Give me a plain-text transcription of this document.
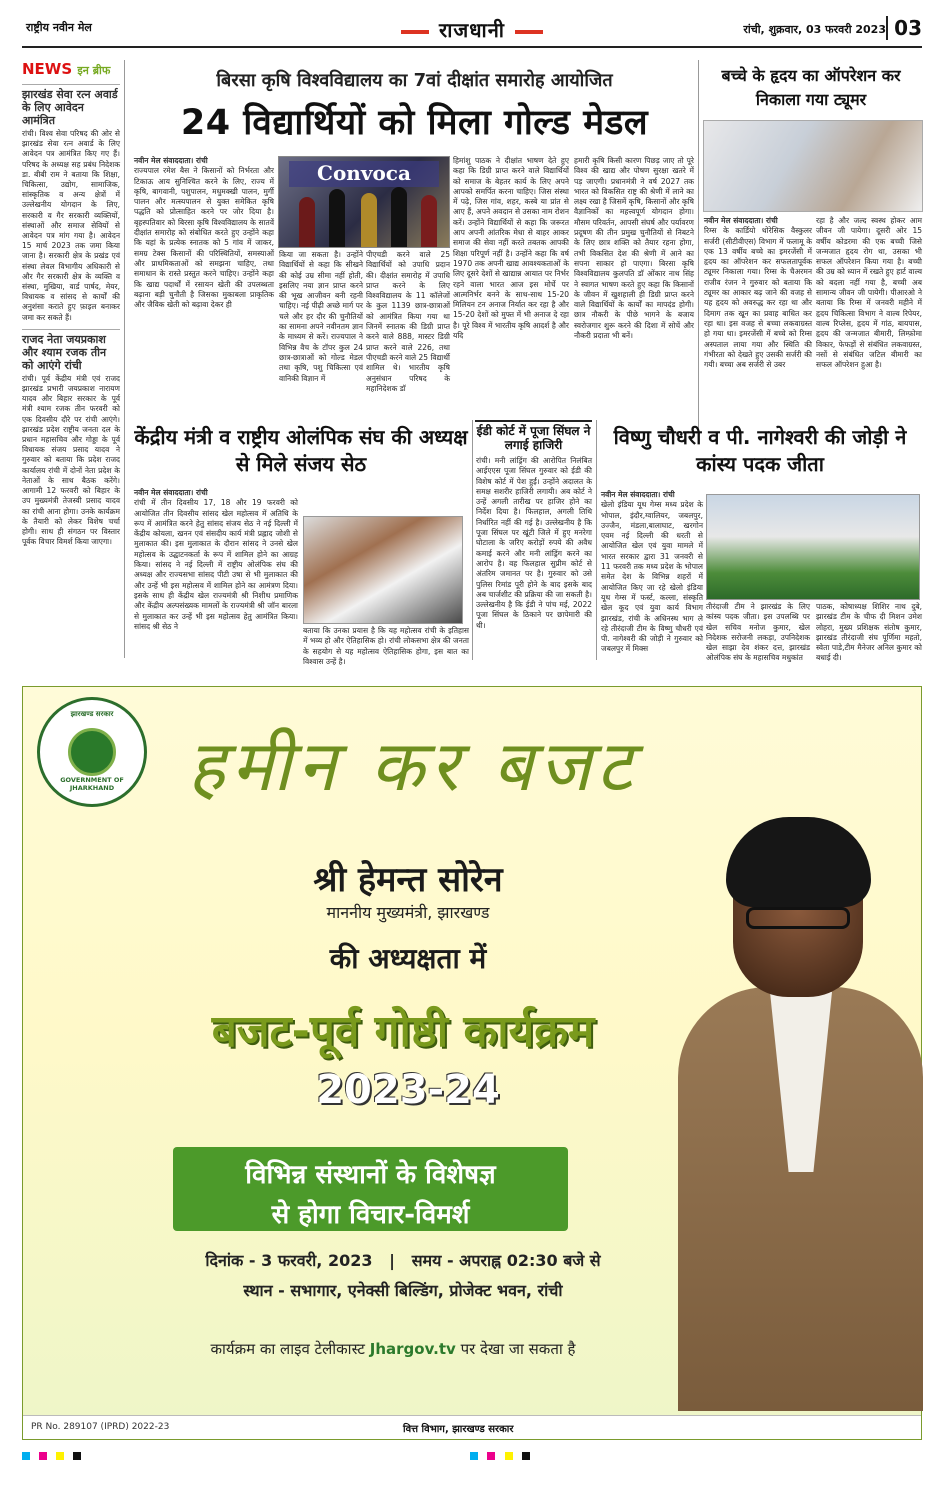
राष्ट्रीय नवीन मेल	राजधानी	रांची, शुक्रवार, 03 फरवरी 2023 03
NEWS इन ब्रीफ
झारखंड सेवा रत्न अवार्ड के लिए आवेदन आमंत्रित
रांची। विश्व सेवा परिषद की ओर से झारखंड सेवा रत्न अवार्ड के लिए आवेदन पत्र आमंत्रित किए गए हैं। परिषद के अध्यक्ष सह प्रबंध निदेशक डा. बीबी राम ने बताया कि शिक्षा, चिकित्सा, उद्योग, सामाजिक, सांस्कृतिक व अन्य क्षेत्रों में उल्लेखनीय योगदान के लिए, सरकारी व गैर सरकारी व्यक्तियों, संस्थाओं और समाज सेवियों से आवेदन पत्र मांग गया है। आवेदन 15 मार्च 2023 तक जमा किया जाना है। सरकारी क्षेत्र के प्रखंड एवं संस्था लेवल विभागीय अधिकारी से और गैर सरकारी क्षेत्र के व्यक्ति व संस्था, मुखिया, वार्ड पार्षद, मेयर, विधायक व सांसद से कार्यों की अनुशंसा कराते हुए फ़ाइल बनाकर जमा कर सकते हैं।
राजद नेता जयप्रकाश और श्याम रजक तीन को आएंगे रांची
रांची। पूर्व केंद्रीय मंत्री एवं राजद झारखंड प्रभारी जयप्रकाश नारायण यादव और बिहार सरकार के पूर्व मंत्री श्याम रजक तीन फरवरी को एक दिवसीय दौरे पर रांची आएंगे। झारखंड प्रदेश राष्ट्रीय जनता दल के प्रधान महासचिव और गोड्डा के पूर्व विधायक संजय प्रसाद यादव ने गुरुवार को बताया कि प्रदेश राजद कार्यालय रांची में दोनों नेता प्रदेश के नेताओं के साथ बैठक करेंगे। आगामी 12 फरवरी को बिहार के उप मुख्यमंत्री तेजस्वी प्रसाद यादव का रांची आना होगा। उनके कार्यक्रम के तैयारी को लेकर विशेष चर्चा होगी। साथ ही संगठन पर विस्तार पूर्वक विचार विमर्श किया जाएगा।
बिरसा कृषि विश्वविद्यालय का 7वां दीक्षांत समारोह आयोजित
24 विद्यार्थियों को मिला गोल्ड मेडल
नवीन मेल संवाददाता। रांची
राज्यपाल रमेश बैस ने किसानों को निर्भरता और टिकाऊ आय सुनिश्चित करने के लिए, राज्य में कृषि, बागवानी, पशुपालन, मधुमक्खी पालन, मुर्गी पालन और मत्स्यपालन से युक्त समेकित कृषि पद्धति को प्रोत्साहित करने पर जोर दिया है। बृहस्पतिवार को बिरसा कृषि विश्वविद्यालय के सातवें दीक्षांत समारोह को संबोधित करते हुए उन्होंने कहा कि यहां के प्रत्येक स्नातक को 5 गांव में जाकर, समग्र टेक्स किसानों की परिस्थितियों, समस्याओं और प्राथमिकताओं को समझना चाहिए, तथा समाधान के रास्ते प्रस्तुत करने चाहिए। उन्होंने कहा कि खाद्य पदार्थों में रसायन खेती की उपलब्धता बढ़ाना बड़ी चुनौती है जिसका मुकाबला प्राकृतिक और जैविक खेती को बढ़ावा देकर ही
Convoca
किया जा सकता है। उन्होंने विद्यार्थियों से कहा कि सीखने की कोई उम्र सीमा नहीं होती, इसलिए नया ज्ञान प्राप्त करने की भूख आजीवन बनी रहनी चाहिए। नई पीढ़ी अच्छे मार्ग पर चले और हर दौर की चुनौतियों का सामना अपने नवीनतम ज्ञान के माध्यम से करें। राज्यपाल ने विभिन्न वैच के टॉपर कुल 24 छात्र-छात्राओं को गोल्ड मेडल तथा कृषि, पशु चिकित्सा एवं वानिकी विज्ञान में
पीएचडी करने वाले 25 विद्यार्थियों को उपाधि प्रदान की। दीक्षांत समारोह में उपाधि प्राप्त करने के लिए विश्वविद्यालय के 11 कॉलेजों के कुल 1139 छात्र-छात्राओं को आमंत्रित किया गया था जिनमें स्नातक की डिग्री प्राप्त करने वाले 888, मास्टर डिग्री प्राप्त करने वाले 226, तथा पीएचडी करने वाले 25 विद्यार्थी शामिल थे। भारतीय कृषि अनुसंधान परिषद के महानिदेशक डॉ
हिमांशु पाठक ने दीक्षांत भाषण देते हुए कहा कि डिग्री प्राप्त करने वाले विद्यार्थियों को समाज के बेहतर कार्य के लिए अपने आपको समर्पित करना चाहिए। जिस संस्था में पढ़े, जिस गांव, शहर, कस्बे या प्रांत से आए हैं, अपने अवदान से उसका नाम रोशन करें। उन्होंने विद्यार्थियों से कहा कि जरूरत आप अपनी आंतरिक मेधा से बाहर आकर समाज की सेवा नहीं करते तबतक आपकी शिक्षा परिपूर्ण नहीं है। उन्होंने कहा कि वर्ष 1970 तक अपनी खाद्य आवश्यकताओं के लिए दूसरे देशों से खाद्यान्न आयात पर निर्भर रहने वाला भारत आज इस मोर्चे पर आत्मनिर्भर बनने के साथ-साथ 15-20 मिलियन टन अनाज निर्यात कर रहा है और 15-20 देशों को मुफ्त में भी अनाज दे रहा है। पूरे विश्व में भारतीय कृषि आदर्श है और यदि
हमारी कृषि किसी कारण पिछड़ जाए तो पूरे विश्व की खाद्य और पोषण सुरक्षा खतरे में पड़ जाएगी। प्रधानमंत्री ने वर्ष 2027 तक भारत को विकसित राष्ट्र की श्रेणी में लाने का लक्ष्य रखा है जिसमें कृषि, किसानों और कृषि वैज्ञानिकों का महत्त्वपूर्ण योगदान होगा। मौसम परिवर्तन, आपसी संघर्ष और पर्यावरण प्रदूषण की तीन प्रमुख चुनौतियों से निबटने के लिए छात्र शक्ति को तैयार रहना होगा, तभी विकसित देश की श्रेणी में आने का सपना साकार हो पाएगा। बिरसा कृषि विश्वविद्यालय कुलपति डॉ ओंकार नाथ सिंह ने स्वागत भाषण करते हुए कहा कि किसानों के जीवन में खुशहाली ही डिग्री प्राप्त करने वाले विद्यार्थियों के कार्यों का मापदंड होगी। छात्र नौकरी के पीछे भागने के बजाय स्वरोजगार शुरू करने की दिशा में सोचें और नौकरी प्रदाता भी बनें।
बच्चे के हृदय का ऑपरेशन कर निकाला गया ट्यूमर
नवीन मेल संवाददाता। रांची
रिम्स के कार्डियो थोरेसिक वैस्कुलर सर्जरी (सीटीवीएस) विभाग में फलामू के एक 13 वर्षीय बच्चे का इमरजेंसी में हृदय का ऑपरेशन कर सफलतापूर्वक ट्यूमर निकाला गया। रिम्स के चैअरमन राजीव रंजन ने गुरुवार को बताया कि ट्यूमर का आकार बढ़ जाने की वजह से यह हृदय को अवरुद्ध कर रहा था और दिमाग तक खून का प्रवाह बाधित कर रहा था। इस वजह से बच्चा लकवाग्रस्त हो गया था। इमरजेंसी में बच्चे को रिम्स अस्पताल लाया गया और स्थिति की गंभीरता को देखते हुए उसकी सर्जरी की गयी। बच्चा अब सर्जरी से उबर
रहा है और जल्द स्वस्थ होकर आम जीवन जी पायेगा। दूसरी ओर 15 वर्षीय कोडरमा की एक बच्ची जिसे जन्मजात हृदय रोग था, उसका भी सफल ऑपरेशन किया गया है। बच्ची की उम्र को ध्यान में रखते हुए हार्ट वाल्व को बदला नहीं गया है, बच्ची अब सामान्य जीवन जी पायेगी। पीआरओ ने बताया कि रिम्स में जनवरी महीने में हृदय चिकित्सा विभाग ने वाल्व रिपेयर, वाल्व रिप्लेस, हृदय में गांठ, बायपास, हृदय की जन्मजात बीमारी, लिम्फ़ोमा विकार, फेफड़ों से संबंधित लकवाग्रस्त, नसों से संबंधित जटिल बीमारी का सफल ऑपरेशन हुआ है।
केंद्रीय मंत्री व राष्ट्रीय ओलंपिक संघ की अध्यक्ष से मिले संजय सेठ
नवीन मेल संवाददाता। रांची
रांची में तीन दिवसीय 17, 18 और 19 फरवरी को आयोजित तीन दिवसीय सांसद खेल महोत्सव में अतिथि के रूप में आमंत्रित करने हेतु सांसद संजय सेठ ने नई दिल्ली में केंद्रीय कोयला, खनन एवं संसदीय कार्य मंत्री प्रह्लाद जोशी से मुलाकात की। इस मुलाकात के दौरान सांसद ने उनसे खेल महोत्सव के उद्घाटनकर्ता के रूप में शामिल होने का आग्रह किया। सांसद ने नई दिल्ली में राष्ट्रीय ओलंपिक संघ की अध्यक्ष और राज्यसभा सांसद पीटी उषा से भी मुलाकात की और उन्हें भी इस महोत्सव में शामिल होने का आमंत्रण दिया। इसके साथ ही केंद्रीय खेल राज्यमंत्री श्री निशीथ प्रमाणिक और केंद्रीय अल्पसंख्यक मामलों के राज्यमंत्री श्री जॉन बारला से मुलाकात कर उन्हें भी इस महोत्सव हेतु आमंत्रित किया। सांसद श्री सेठ ने	बताया कि उनका प्रयास है कि यह महोत्सव रांची के इतिहास में भव्य हो और ऐतिहासिक हो। रांची लोकसभा क्षेत्र की जनता के सहयोग से यह महोत्सव ऐतिहासिक होगा, इस बात का विश्वास उन्हें है।
ईडी कोर्ट में पूजा सिंघल ने लगाई हाजिरी
रांची। मनी लांड्रिंग की आरोपित निलंबित आईएएस पूजा सिंघल गुरुवार को ईडी की विशेष कोर्ट में पेश हुईं। उन्होंने अदालत के समक्ष सशरीर हाजिरी लगायी। अब कोर्ट ने उन्हें अगली तारीख पर हाजिर होने का निर्देश दिया है। फिलहाल, अगली तिथि निर्धारित नहीं की गई है। उल्लेखनीय है कि पूजा सिंघल पर खूंटी जिले में हुए मनरेगा घोटाला के जरिए करोड़ों रुपये की अवैध कमाई करने और मनी लांड्रिंग करने का आरोप है। वह फिलहाल सुप्रीम कोर्ट से अंतरिम जमानत पर है। गुरुवार को उसे पुलिस रिमांड पूरी होने के बाद इसके बाद अब चार्जशीट की प्रक्रिया की जा सकती है। उल्लेखनीय है कि ईडी ने पांच मई, 2022 पूजा सिंघल के ठिकाने पर छापेमारी की थी।
विष्णु चौधरी व पी. नागेश्वरी की जोड़ी ने कांस्य पदक जीता
नवीन मेल संवाददाता। रांची
खेलो इंडिया यूथ गेम्स मध्य प्रदेश के भोपाल, इंदौर,ग्वालियर, जबलपुर, उज्जैन, मंडला,बालाघाट, खरगोन एवम नई दिल्ली की धरती से आयोजित खेल एवं युवा मामले में भारत सरकार द्वारा 31 जनवरी से 11 फरवरी तक मध्य प्रदेश के भोपाल समेत देश के विभिन्न शहरों में आयोजित किए जा रहे खेलो इंडिया यूथ गेम्स में फर्स्ट, कल्ला, संस्कृति खेल कूद एवं युवा कार्य विभाग झारखंड, रांची के अधिनस्थ भाग ले रहे तीरंदाजी टीम के विष्णु चौधरी एवं पी. नागेश्वरी की जोड़ी ने गुरुवार को जबलपुर में मिक्स
तीरंदाजी टीम ने झारखंड के लिए कांस्य पदक जीता। इस उपलब्धि पर खेल सचिव मनोज कुमार, खेल निदेशक सरोजनी लकड़ा, उपनिदेशक खेल साझा देव शंकर दत्त, झारखंड ओलंपिक संघ के महासचिव मधुकांत
पाठक, कोषाध्यक्ष शिशिर नाथ दुबे, झारखंड टीम के चीफ दी मिशन उमेश लोहरा, मुख्य प्रशिक्षक संतोष कुमार, झारखंड तीरंदाजी संघ पूर्णिमा महतो, स्वेता पाडे,टीम मैनेजर अनिल कुमार को बधाई दी।
झारखण्ड सरकार
GOVERNMENT OF JHARKHAND	हमीन कर बजट
श्री हेमन्त सोरेन
माननीय मुख्यमंत्री, झारखण्ड
की अध्यक्षता में
बजट-पूर्व गोष्ठी कार्यक्रम
2023-24
विभिन्न संस्थानों के विशेषज्ञ
से होगा विचार-विमर्श
दिनांक - 3 फरवरी, 2023   |   समय - अपराह्न 02:30 बजे से
स्थान - सभागार, एनेक्सी बिल्डिंग, प्रोजेक्ट भवन, रांची
कार्यक्रम का लाइव टेलीकास्ट Jhargov.tv पर देखा जा सकता है
PR No. 289107 (IPRD) 2022-23	वित्त विभाग, झारखण्ड सरकार
